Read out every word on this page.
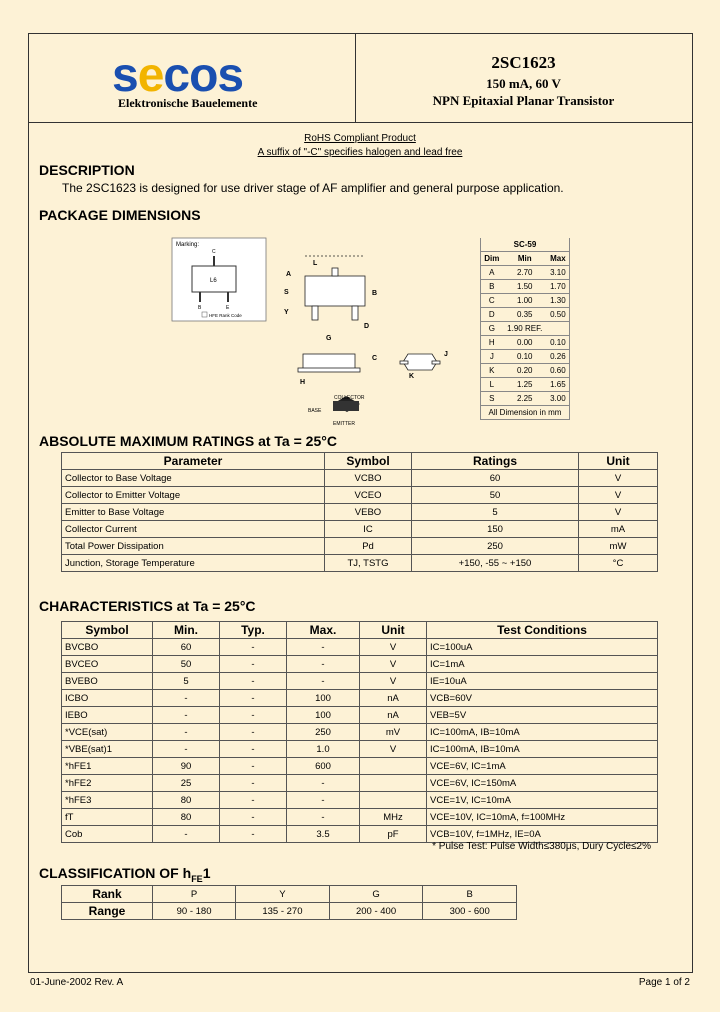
secos
Elektronische Bauelemente
2SC1623
150 mA, 60 V
NPN Epitaxial Planar Transistor
RoHS Compliant Product
A suffix of "-C" specifies halogen and lead free
DESCRIPTION
The 2SC1623 is designed for use driver stage of AF amplifier and general purpose application.
PACKAGE DIMENSIONS
Marking:
C
B	E
L6
HFE Rank Code
L
A
S	B
Y
D
G
C
H
K
J
BASE
COLLECTOR
EMITTER
SC-59		
Dim	Min	Max
A	2.70	3.10
B	1.50	1.70
C	1.00	1.30
D	0.35	0.50
G	1.90 REF.	
H	0.00	0.10
J	0.10	0.26
K	0.20	0.60
L	1.25	1.65
S	2.25	3.00
All Dimension in mm		
ABSOLUTE MAXIMUM RATINGS at Ta = 25°C
Parameter	Symbol	Ratings	Unit
Collector to Base Voltage	VCBO	60	V
Collector to Emitter Voltage	VCEO	50	V
Emitter to Base Voltage	VEBO	5	V
Collector Current	IC	150	mA
Total Power Dissipation	Pd	250	mW
Junction, Storage Temperature	TJ, TSTG	+150, -55 ~ +150	°C
CHARACTERISTICS at Ta = 25°C
Symbol	Min.	Typ.	Max.	Unit	Test Conditions
BVCBO	60	-	-	V	IC=100uA
BVCEO	50	-	-	V	IC=1mA
BVEBO	5	-	-	V	IE=10uA
ICBO	-	-	100	nA	VCB=60V
IEBO	-	-	100	nA	VEB=5V
*VCE(sat)	-	-	250	mV	IC=100mA, IB=10mA
*VBE(sat)1	-	-	1.0	V	IC=100mA, IB=10mA
*hFE1	90	-	600		VCE=6V, IC=1mA
*hFE2	25	-	-		VCE=6V, IC=150mA
*hFE3	80	-	-		VCE=1V, IC=10mA
fT	80	-	-	MHz	VCE=10V, IC=10mA, f=100MHz
Cob	-	-	3.5	pF	VCB=10V, f=1MHz, IE=0A
* Pulse Test: Pulse Width≤380μs, Dury Cycle≤2%
CLASSIFICATION OF $h_{FE}1$
Rank	P	Y	G	B
Range	90 - 180	135 - 270	200 - 400	300 - 600
01-June-2002 Rev. A	Page 1 of 2
